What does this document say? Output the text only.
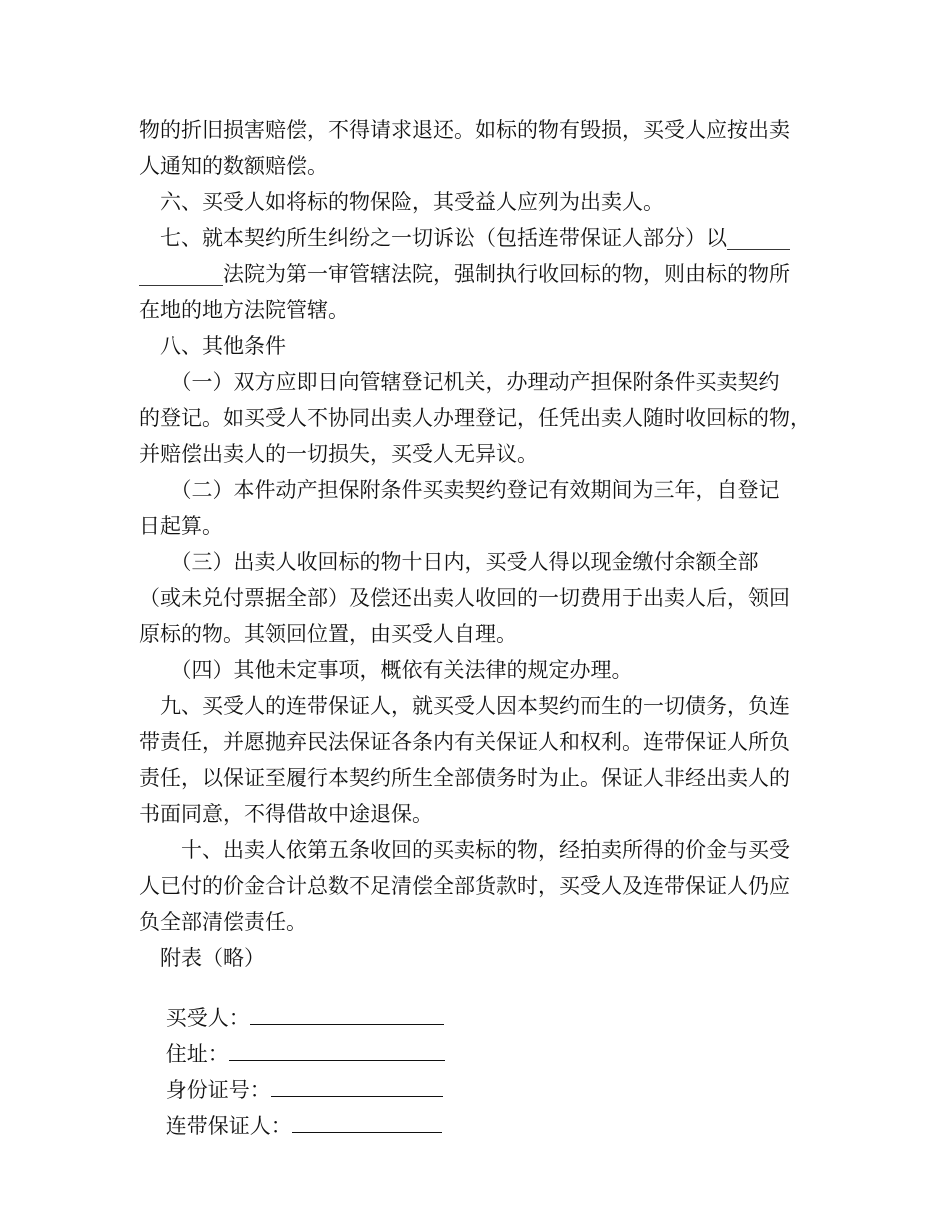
物的折旧损害赔偿，不得请求退还。如标的物有毁损，买受人应按出卖
人通知的数额赔偿。
　六、买受人如将标的物保险，其受益人应列为出卖人。
　七、就本契约所生纠纷之一切诉讼（包括连带保证人部分）以______
________法院为第一审管辖法院，强制执行收回标的物，则由标的物所
在地的地方法院管辖。
　八、其他条件
　　（一）双方应即日向管辖登记机关，办理动产担保附条件买卖契约
的登记。如买受人不协同出卖人办理登记，任凭出卖人随时收回标的物，
并赔偿出卖人的一切损失，买受人无异议。
　　（二）本件动产担保附条件买卖契约登记有效期间为三年，自登记
日起算。
　　（三）出卖人收回标的物十日内，买受人得以现金缴付余额全部
（或未兑付票据全部）及偿还出卖人收回的一切费用于出卖人后，领回
原标的物。其领回位置，由买受人自理。
　　（四）其他未定事项，概依有关法律的规定办理。
　九、买受人的连带保证人，就买受人因本契约而生的一切债务，负连
带责任，并愿抛弃民法保证各条内有关保证人和权利。连带保证人所负
责任，以保证至履行本契约所生全部债务时为止。保证人非经出卖人的
书面同意，不得借故中途退保。
　　十、出卖人依第五条收回的买卖标的物，经拍卖所得的价金与买受
人已付的价金合计总数不足清偿全部货款时，买受人及连带保证人仍应
负全部清偿责任。
　附表（略）

买受人：

住址：

身份证号：

连带保证人：
